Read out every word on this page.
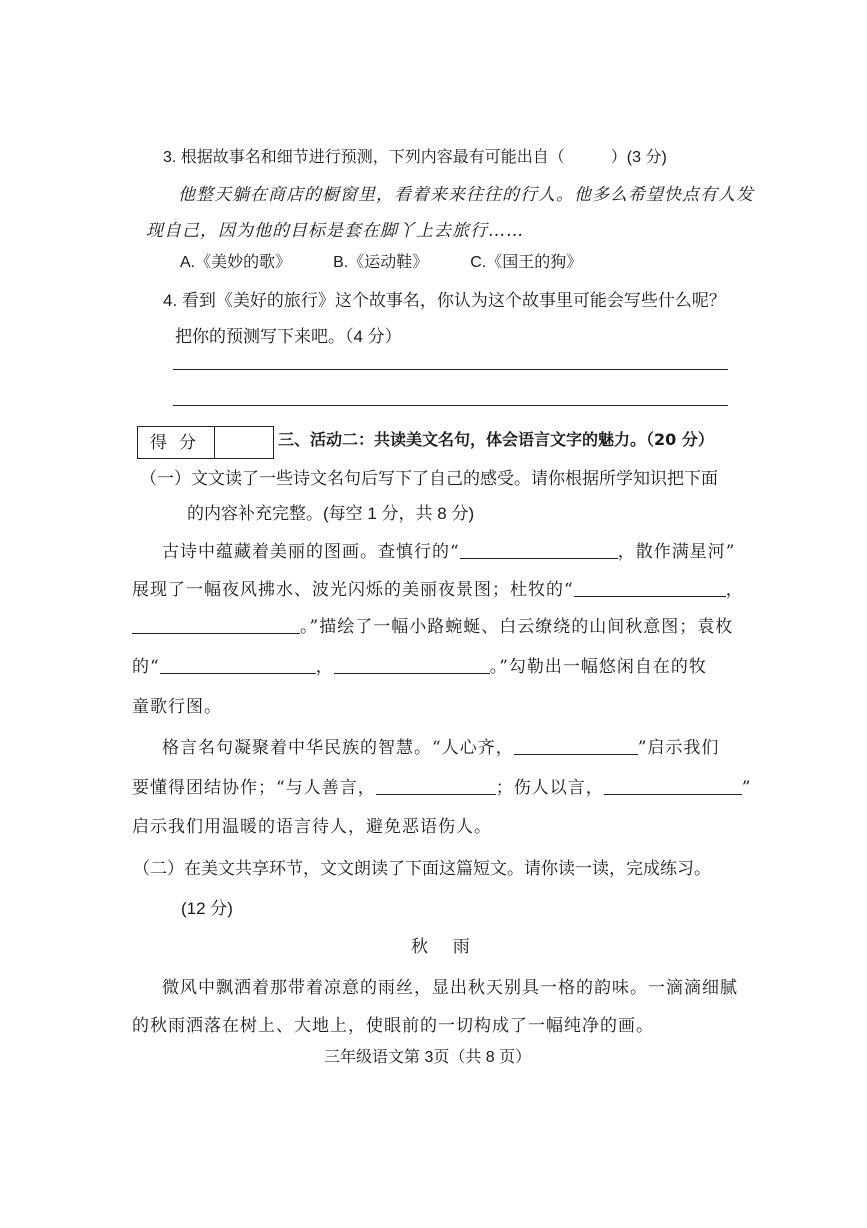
3. 根据故事名和细节进行预测，下列内容最有可能出自（	）(3 分)
他整天躺在商店的橱窗里，看着来来往往的行人。他多么希望快点有人发
现自己，因为他的目标是套在脚丫上去旅行……
A.《美妙的歌》	B.《运动鞋》	C.《国王的狗》
4. 看到《美好的旅行》这个故事名，你认为这个故事里可能会写些什么呢？
把你的预测写下来吧。（4 分）
得分	三、活动二：共读美文名句，体会语言文字的魅力。（20 分）
（一）文文读了一些诗文名句后写下了自己的感受。请你根据所学知识把下面
的内容补充完整。(每空 1 分，共 8 分)
古诗中蕴藏着美丽的图画。查慎行的“	，散作满星河”
展现了一幅夜风拂水、波光闪烁的美丽夜景图；杜牧的“	，
。”描绘了一幅小路蜿蜒、白云缭绕的山间秋意图；袁枚
的“	，	。”勾勒出一幅悠闲自在的牧
童歌行图。
格言名句凝聚着中华民族的智慧。“人心齐，	”启示我们
要懂得团结协作；“与人善言，	；伤人以言，	”
启示我们用温暖的语言待人，避免恶语伤人。
（二）在美文共享环节，文文朗读了下面这篇短文。请你读一读，完成练习。
(12 分)
秋 雨
微风中飘洒着那带着凉意的雨丝，显出秋天别具一格的韵味。一滴滴细腻
的秋雨洒落在树上、大地上，使眼前的一切构成了一幅纯净的画。
三年级语文第 3页（共 8 页）
